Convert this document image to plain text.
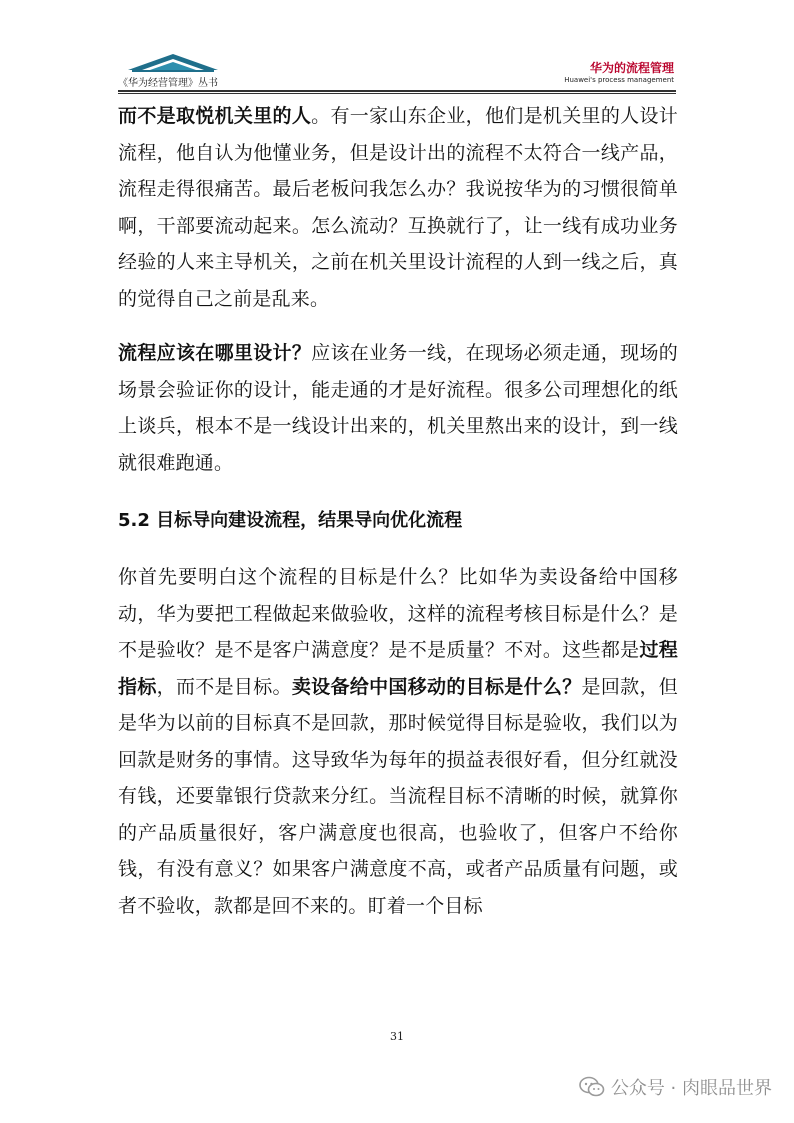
《华为经营管理》丛书
华为的流程管理
Huawei's process management

而不是取悦机关里的人。有一家山东企业，他们是机关里的人设计流程，他自认为他懂业务，但是设计出的流程不太符合一线产品，流程走得很痛苦。最后老板问我怎么办？我说按华为的习惯很简单啊，干部要流动起来。怎么流动？互换就行了，让一线有成功业务经验的人来主导机关，之前在机关里设计流程的人到一线之后，真的觉得自己之前是乱来。

流程应该在哪里设计？应该在业务一线，在现场必须走通，现场的场景会验证你的设计，能走通的才是好流程。很多公司理想化的纸上谈兵，根本不是一线设计出来的，机关里熬出来的设计，到一线就很难跑通。

5.2 目标导向建设流程，结果导向优化流程

你首先要明白这个流程的目标是什么？比如华为卖设备给中国移动，华为要把工程做起来做验收，这样的流程考核目标是什么？是不是验收？是不是客户满意度？是不是质量？不对。这些都是过程指标，而不是目标。卖设备给中国移动的目标是什么？是回款，但是华为以前的目标真不是回款，那时候觉得目标是验收，我们以为回款是财务的事情。这导致华为每年的损益表很好看，但分红就没有钱，还要靠银行贷款来分红。当流程目标不清晰的时候，就算你的产品质量很好，客户满意度也很高，也验收了，但客户不给你钱，有没有意义？如果客户满意度不高，或者产品质量有问题，或者不验收，款都是回不来的。盯着一个目标

31
公众号 · 肉眼品世界
